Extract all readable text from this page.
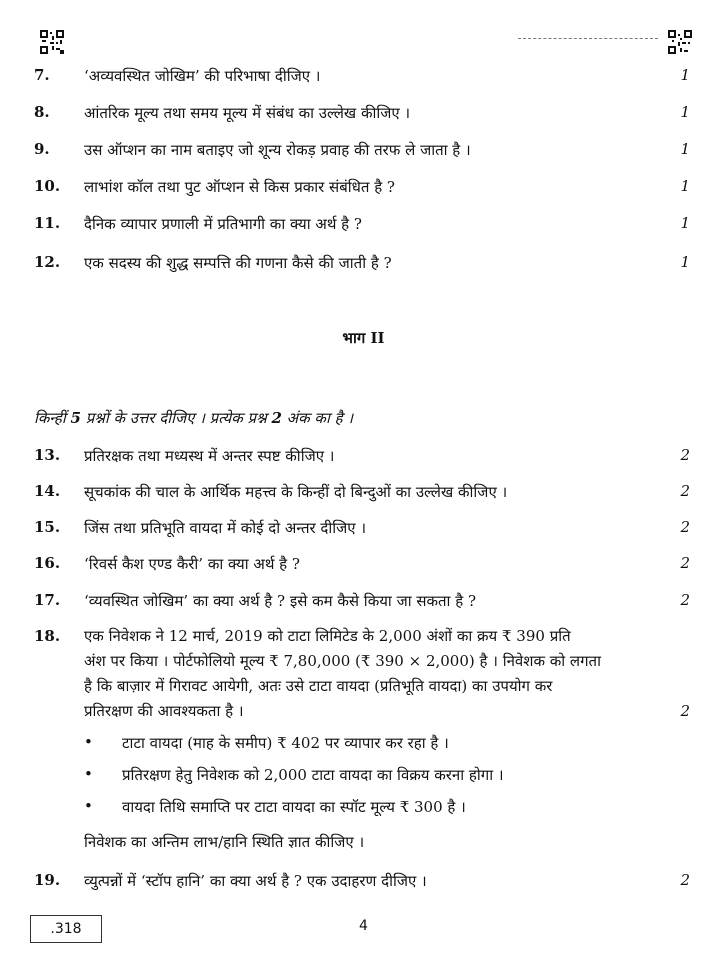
7. ‘अव्यवस्थित जोखिम’ की परिभाषा दीजिए ।	1
8. आंतरिक मूल्य तथा समय मूल्य में संबंध का उल्लेख कीजिए ।	1
9. उस ऑप्शन का नाम बताइए जो शून्य रोकड़ प्रवाह की तरफ ले जाता है ।	1
10. लाभांश कॉल तथा पुट ऑप्शन से किस प्रकार संबंधित है ?	1
11. दैनिक व्यापार प्रणाली में प्रतिभागी का क्या अर्थ है ?	1
12. एक सदस्य की शुद्ध सम्पत्ति की गणना कैसे की जाती है ?	1
भाग II
किन्हीं 5 प्रश्नों के उत्तर दीजिए । प्रत्येक प्रश्न 2 अंक का है ।
13. प्रतिरक्षक तथा मध्यस्थ में अन्तर स्पष्ट कीजिए ।	2
14. सूचकांक की चाल के आर्थिक महत्त्व के किन्हीं दो बिन्दुओं का उल्लेख कीजिए ।	2
15. जिंस तथा प्रतिभूति वायदा में कोई दो अन्तर दीजिए ।	2
16. ‘रिवर्स कैश एण्ड कैरी’ का क्या अर्थ है ?	2
17. ‘व्यवस्थित जोखिम’ का क्या अर्थ है ? इसे कम कैसे किया जा सकता है ?	2
18. एक निवेशक ने 12 मार्च, 2019 को टाटा लिमिटेड के 2,000 अंशों का क्रय ₹ 390 प्रति
अंश पर किया । पोर्टफोलियो मूल्य ₹ 7,80,000 (₹ 390 × 2,000) है । निवेशक को लगता
है कि बाज़ार में गिरावट आयेगी, अतः उसे टाटा वायदा (प्रतिभूति वायदा) का उपयोग कर
प्रतिरक्षण की आवश्यकता है ।	2
• टाटा वायदा (माह के समीप) ₹ 402 पर व्यापार कर रहा है ।
• प्रतिरक्षण हेतु निवेशक को 2,000 टाटा वायदा का विक्रय करना होगा ।
• वायदा तिथि समाप्ति पर टाटा वायदा का स्पॉट मूल्य ₹ 300 है ।
निवेशक का अन्तिम लाभ/हानि स्थिति ज्ञात कीजिए ।
19. व्युत्पन्नों में ‘स्टॉप हानि’ का क्या अर्थ है ? एक उदाहरण दीजिए ।	2
.318	4
